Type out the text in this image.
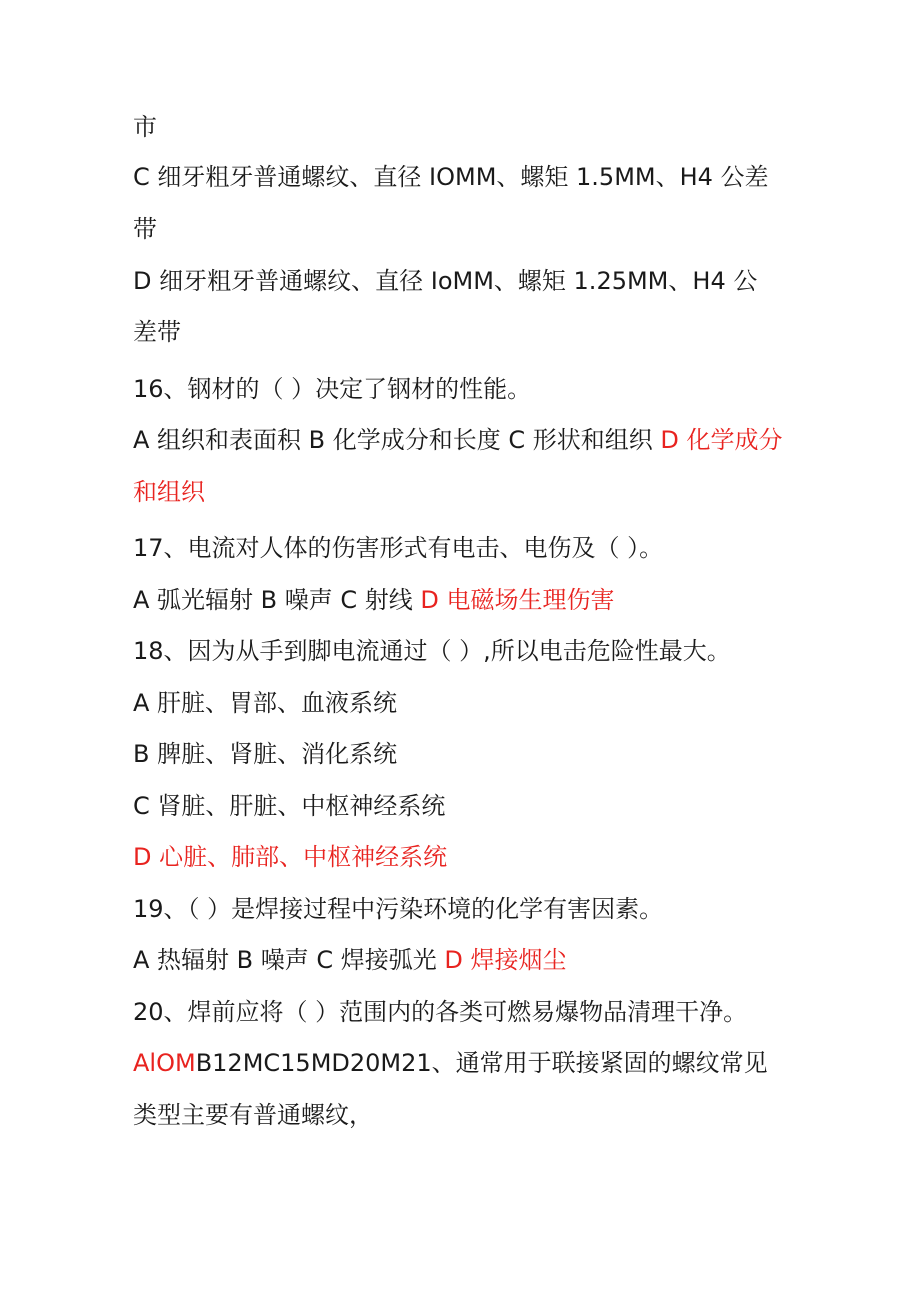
市
C 细牙粗牙普通螺纹、直径 IOMM、螺矩 1.5MM、H4 公差
带
D 细牙粗牙普通螺纹、直径 IoMM、螺矩 1.25MM、H4 公
差带
16、钢材的（ ）决定了钢材的性能。
A 组织和表面积 B 化学成分和长度 C 形状和组织 D 化学成分
和组织
17、电流对人体的伤害形式有电击、电伤及（ ）。
A 弧光辐射 B 噪声 C 射线 D 电磁场生理伤害
18、因为从手到脚电流通过（ ）,所以电击危险性最大。
A 肝脏、胃部、血液系统
B 脾脏、肾脏、消化系统
C 肾脏、肝脏、中枢神经系统
D 心脏、肺部、中枢神经系统
19、（ ）是焊接过程中污染环境的化学有害因素。
A 热辐射 B 噪声 C 焊接弧光 D 焊接烟尘
20、焊前应将（ ）范围内的各类可燃易爆物品清理干净。
AlOMB12MC15MD20M21、通常用于联接紧固的螺纹常见
类型主要有普通螺纹，
